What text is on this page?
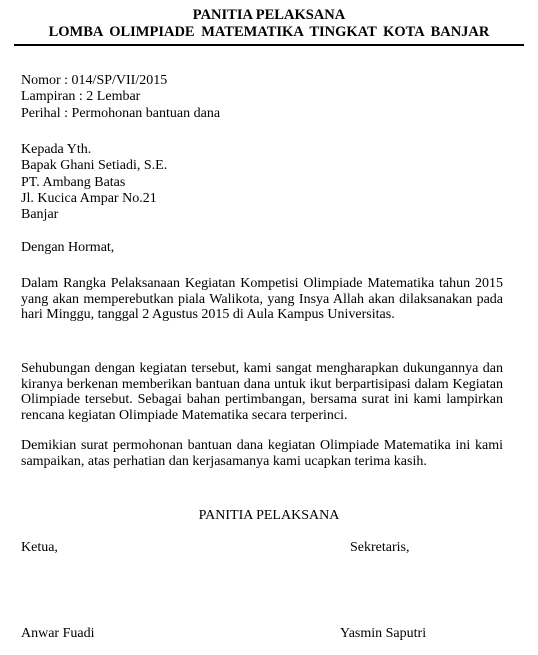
PANITIA PELAKSANA
LOMBA OLIMPIADE MATEMATIKA TINGKAT KOTA BANJAR
Nomor : 014/SP/VII/2015
Lampiran : 2 Lembar
Perihal : Permohonan bantuan dana
Kepada Yth.
Bapak Ghani Setiadi, S.E.
PT. Ambang Batas
Jl. Kucica Ampar No.21
Banjar
Dengan Hormat,
Dalam Rangka Pelaksanaan Kegiatan Kompetisi Olimpiade Matematika tahun 2015 yang akan memperebutkan piala Walikota, yang Insya Allah akan dilaksanakan pada hari Minggu, tanggal 2 Agustus 2015 di Aula Kampus Universitas.
Sehubungan dengan kegiatan tersebut, kami sangat mengharapkan dukungannya dan kiranya berkenan memberikan bantuan dana untuk ikut berpartisipasi dalam Kegiatan Olimpiade tersebut. Sebagai bahan pertimbangan, bersama surat ini kami lampirkan rencana kegiatan Olimpiade Matematika secara terperinci.
Demikian surat permohonan bantuan dana kegiatan Olimpiade Matematika ini kami sampaikan, atas perhatian dan kerjasamanya kami ucapkan terima kasih.
PANITIA PELAKSANA
Ketua,	Sekretaris,
Anwar Fuadi	Yasmin Saputri
